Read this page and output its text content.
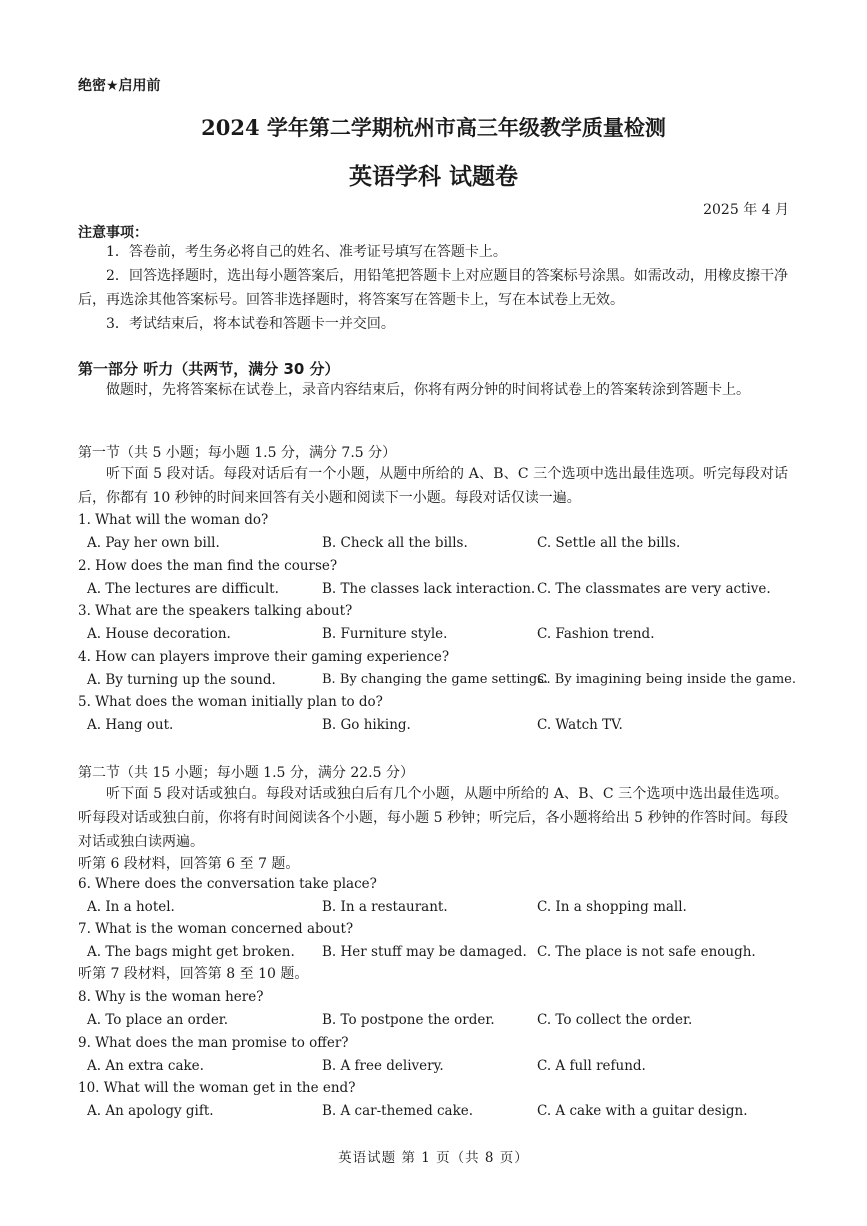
绝密★启用前
2024 学年第二学期杭州市高三年级教学质量检测
英语学科 试题卷
2025 年 4 月
注意事项：
1．答卷前，考生务必将自己的姓名、准考证号填写在答题卡上。
2．回答选择题时，选出每小题答案后，用铅笔把答题卡上对应题目的答案标号涂黑。如需改动，用橡皮擦干净后，再选涂其他答案标号。回答非选择题时，将答案写在答题卡上，写在本试卷上无效。
3．考试结束后，将本试卷和答题卡一并交回。
第一部分 听力（共两节，满分 30 分）
做题时，先将答案标在试卷上，录音内容结束后，你将有两分钟的时间将试卷上的答案转涂到答题卡上。
第一节（共 5 小题；每小题 1.5 分，满分 7.5 分）
听下面 5 段对话。每段对话后有一个小题，从题中所给的 A、B、C 三个选项中选出最佳选项。听完每段对话后，你都有 10 秒钟的时间来回答有关小题和阅读下一小题。每段对话仅读一遍。
1. What will the woman do?
A. Pay her own bill.	B. Check all the bills.	C. Settle all the bills.
2. How does the man find the course?
A. The lectures are difficult.	B. The classes lack interaction. C. The classmates are very active.
3. What are the speakers talking about?
A. House decoration.	B. Furniture style.	C. Fashion trend.
4. How can players improve their gaming experience?
A. By turning up the sound.	B. By changing the game settings.
C. By imagining being inside the game.
5. What does the woman initially plan to do?
A. Hang out.	B. Go hiking.	C. Watch TV.
第二节（共 15 小题；每小题 1.5 分，满分 22.5 分）
听下面 5 段对话或独白。每段对话或独白后有几个小题，从题中所给的 A、B、C 三个选项中选出最佳选项。听每段对话或独白前，你将有时间阅读各个小题，每小题 5 秒钟；听完后，各小题将给出 5 秒钟的作答时间。每段对话或独白读两遍。
听第 6 段材料，回答第 6 至 7 题。
6. Where does the conversation take place?
A. In a hotel.	B. In a restaurant.	C. In a shopping mall.
7. What is the woman concerned about?
A. The bags might get broken. B. Her stuff may be damaged. C. The place is not safe enough.
听第 7 段材料，回答第 8 至 10 题。
8. Why is the woman here?
A. To place an order.	B. To postpone the order.	C. To collect the order.
9. What does the man promise to offer?
A. An extra cake.	B. A free delivery.	C. A full refund.
10. What will the woman get in the end?
A. An apology gift.	B. A car-themed cake.	C. A cake with a guitar design.
英语试题 第 1 页（共 8 页）
